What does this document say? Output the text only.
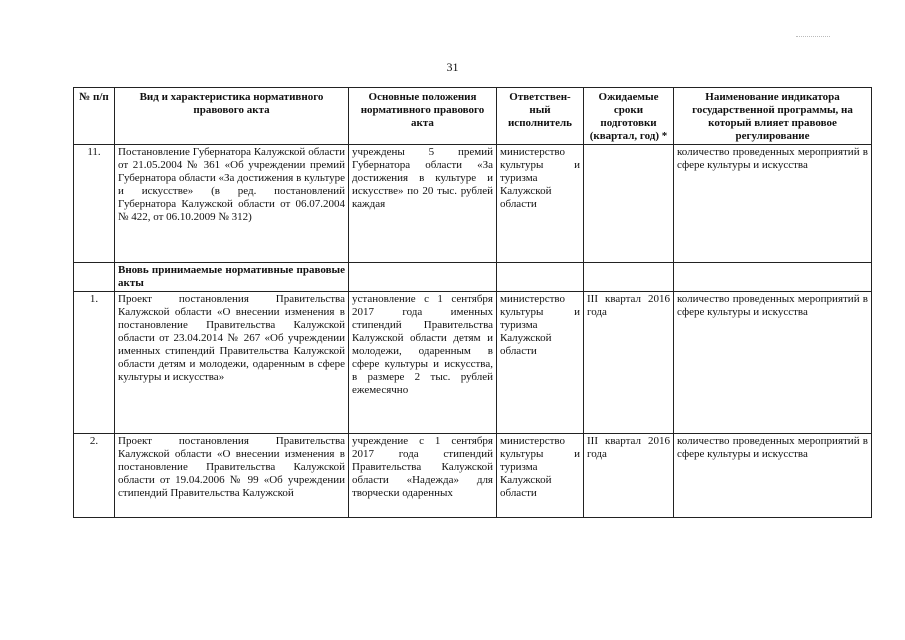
31
№ п/п	Вид и характеристика нормативного правового акта	Основные положения нормативного правового акта	Ответствен-ный исполнитель	Ожидаемые сроки подготовки (квартал, год) *	Наименование индикатора государственной программы, на который влияет правовое регулирование
11.	Постановление Губернатора Калужской области от 21.05.2004 № 361 «Об учреждении премий Губернатора области «За достижения в культуре и искусстве» (в ред. постановлений Губернатора Калужской области от 06.07.2004 № 422, от 06.10.2009 № 312)	учреждены 5 премий Губернатора области «За достижения в культуре и искусстве» по 20 тыс. рублей каждая	министерство культуры и туризма Калужской области		количество проведенных мероприятий в сфере культуры и искусства
	Вновь принимаемые нормативные правовые акты				
1.	Проект постановления Правительства Калужской области «О внесении изменения в постановление Правительства Калужской области от 23.04.2014 № 267 «Об учреждении именных стипендий Правительства Калужской области детям и молодежи, одаренным в сфере культуры и искусства»	установление с 1 сентября 2017 года именных стипендий Правительства Калужской области детям и молодежи, одаренным в сфере культуры и искусства, в размере 2 тыс. рублей ежемесячно	министерство культуры и туризма Калужской области	III квартал 2016 года	количество проведенных мероприятий в сфере культуры и искусства
2.	Проект постановления Правительства Калужской области «О внесении изменения в постановление Правительства Калужской области от 19.04.2006 № 99 «Об учреждении стипендий Правительства Калужской	учреждение с 1 сентября 2017 года стипендий Правительства Калужской области «Надежда» для творчески одаренных	министерство культуры и туризма Калужской области	III квартал 2016 года	количество проведенных мероприятий в сфере культуры и искусства
